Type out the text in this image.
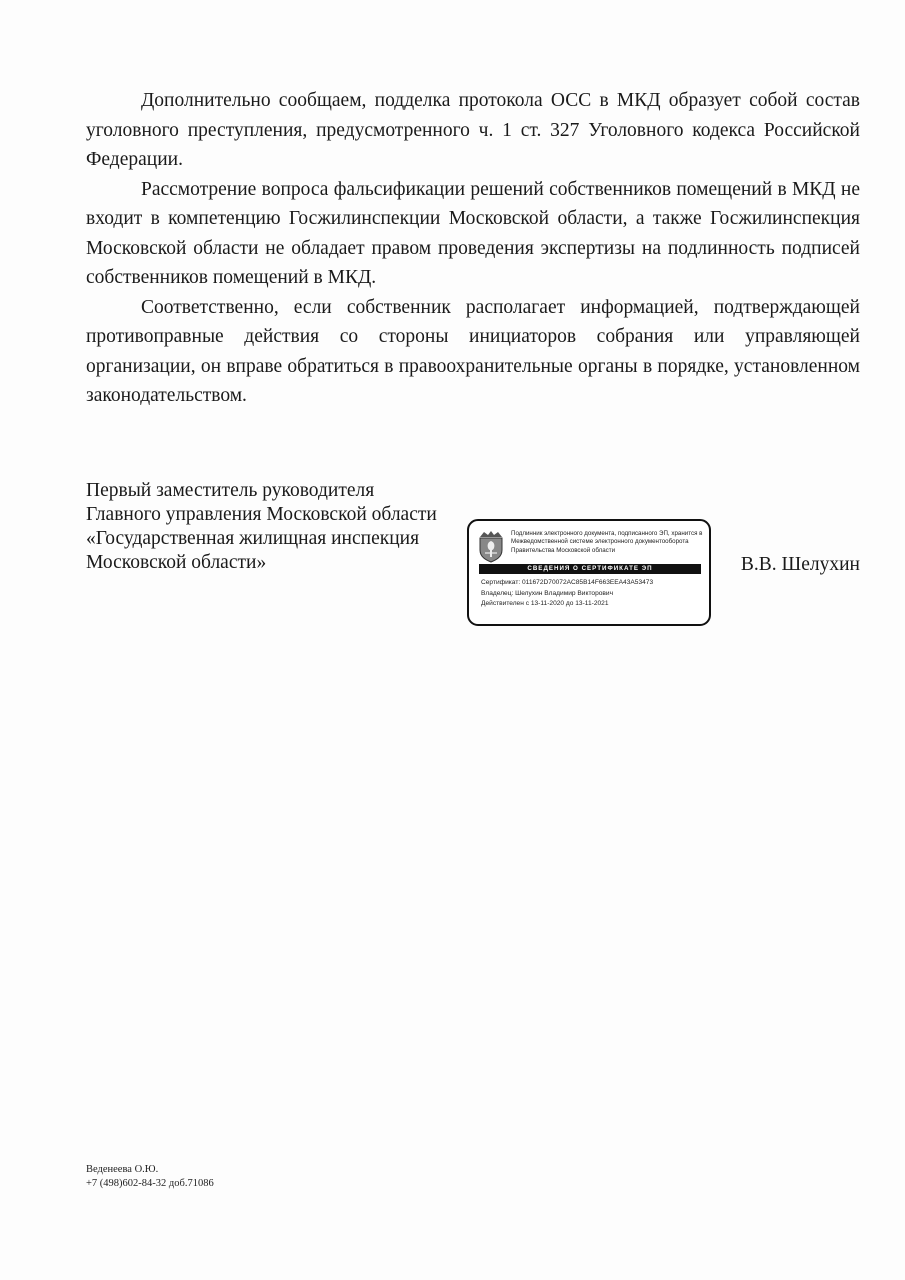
Дополнительно сообщаем, подделка протокола ОСС в МКД образует собой состав уголовного преступления, предусмотренного ч. 1 ст. 327 Уголовного кодекса Российской Федерации.

Рассмотрение вопроса фальсификации решений собственников помещений в МКД не входит в компетенцию Госжилинспекции Московской области, а также Госжилинспекция Московской области не обладает правом проведения экспертизы на подлинность подписей собственников помещений в МКД.

Соответственно, если собственник располагает информацией, подтверждающей противоправные действия со стороны инициаторов собрания или управляющей организации, он вправе обратиться в правоохранительные органы в порядке, установленном законодательством.

Первый заместитель руководителя
Главного управления Московской области
«Государственная жилищная инспекция
Московской области»
Подлинник электронного документа, подписанного ЭП, хранится в Межведомственной системе электронного документооборота Правительства Московской области
СВЕДЕНИЯ О СЕРТИФИКАТЕ ЭП
Сертификат: 011672D70072AC85B14F663EEA43A53473
Владелец: Шелухин Владимир Викторович
Действителен с 13-11-2020 до 13-11-2021
В.В. Шелухин
Веденеева О.Ю.
+7 (498)602-84-32 доб.71086
